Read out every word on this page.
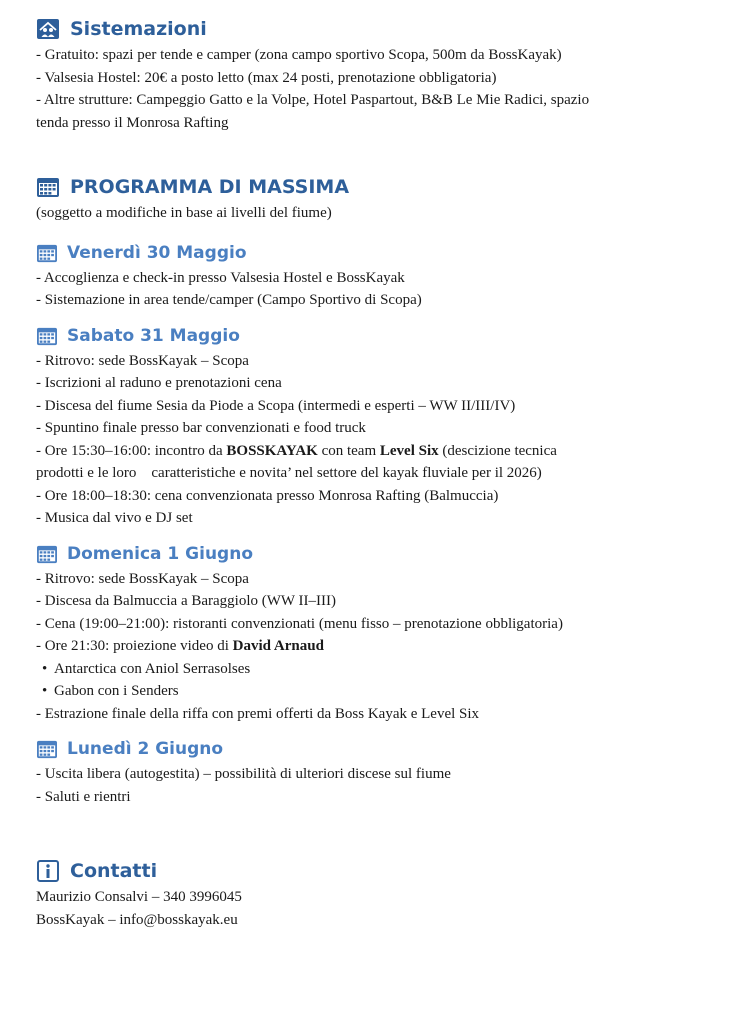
Sistemazioni
- Gratuito: spazi per tende e camper (zona campo sportivo Scopa, 500m da BossKayak)
- Valsesia Hostel: 20€ a posto letto (max 24 posti, prenotazione obbligatoria)
- Altre strutture: Campeggio Gatto e la Volpe, Hotel Paspartout, B&B Le Mie Radici, spazio
tenda presso il Monrosa Rafting
PROGRAMMA DI MASSIMA
(soggetto a modifiche in base ai livelli del fiume)
Venerdì 30 Maggio
- Accoglienza e check-in presso Valsesia Hostel e BossKayak
- Sistemazione in area tende/camper (Campo Sportivo di Scopa)
Sabato 31 Maggio
- Ritrovo: sede BossKayak – Scopa
- Iscrizioni al raduno e prenotazioni cena
- Discesa del fiume Sesia da Piode a Scopa (intermedi e esperti – WW II/III/IV)
- Spuntino finale presso bar convenzionati e food truck
- Ore 15:30–16:00: incontro da BOSSKAYAK con team Level Six (descizione tecnica
prodotti e le loro    caratteristiche e novita’ nel settore del kayak fluviale per il 2026)
- Ore 18:00–18:30: cena convenzionata presso Monrosa Rafting (Balmuccia)
- Musica dal vivo e DJ set
Domenica 1 Giugno
- Ritrovo: sede BossKayak – Scopa
- Discesa da Balmuccia a Baraggiolo (WW II–III)
- Cena (19:00–21:00): ristoranti convenzionati (menu fisso – prenotazione obbligatoria)
- Ore 21:30: proiezione video di David Arnaud
• Antarctica con Aniol Serrasolses
• Gabon con i Senders
- Estrazione finale della riffa con premi offerti da Boss Kayak e Level Six
Lunedì 2 Giugno
- Uscita libera (autogestita) – possibilità di ulteriori discese sul fiume
- Saluti e rientri
Contatti
Maurizio Consalvi – 340 3996045
BossKayak – info@bosskayak.eu
